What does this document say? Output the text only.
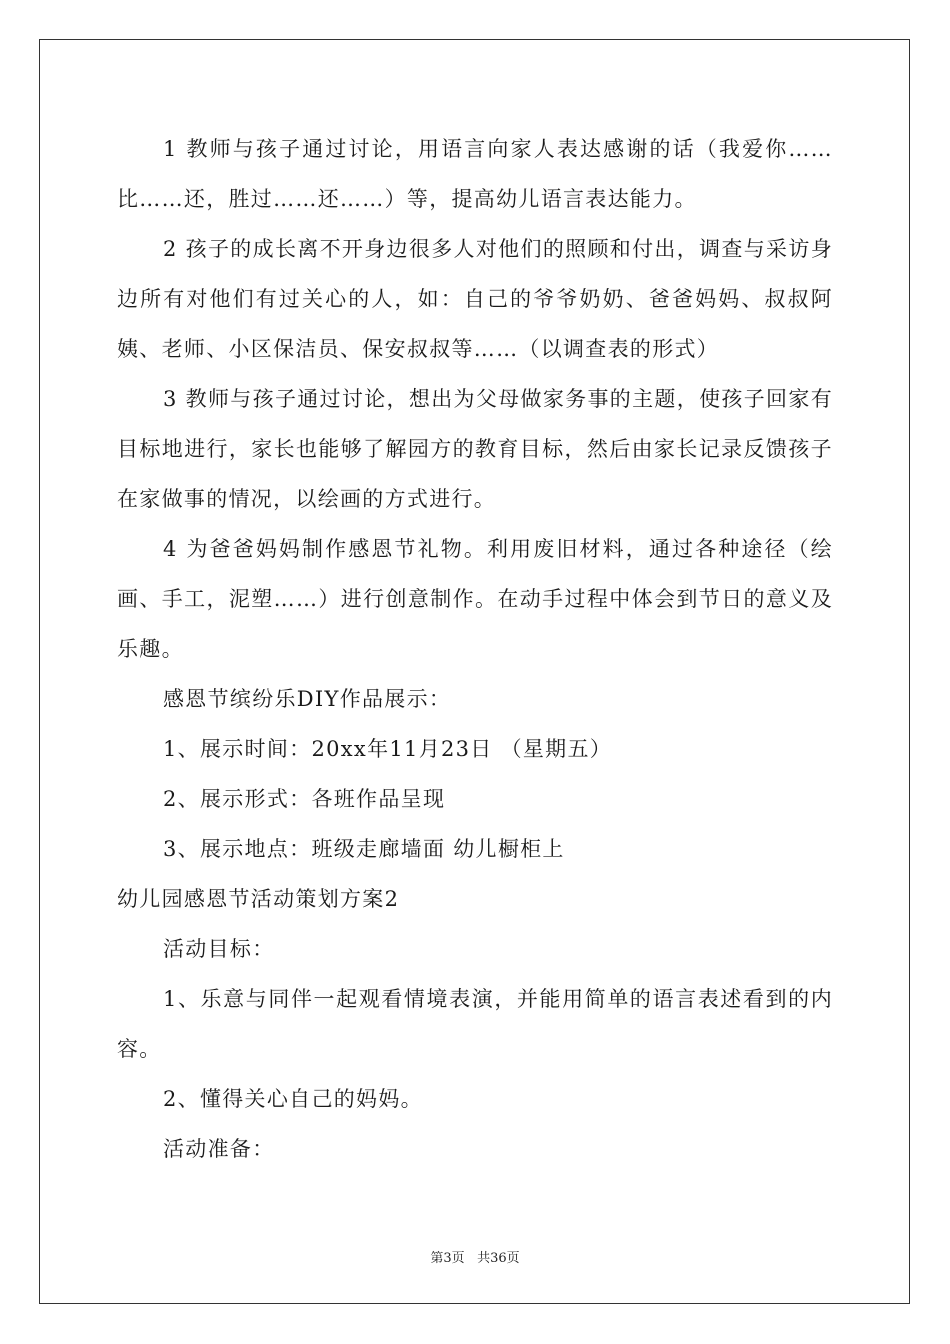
1 教师与孩子通过讨论，用语言向家人表达感谢的话（我爱你……比……还，胜过……还……）等，提高幼儿语言表达能力。

2 孩子的成长离不开身边很多人对他们的照顾和付出，调查与采访身边所有对他们有过关心的人，如：自己的爷爷奶奶、爸爸妈妈、叔叔阿姨、老师、小区保洁员、保安叔叔等……（以调查表的形式）

3 教师与孩子通过讨论，想出为父母做家务事的主题，使孩子回家有目标地进行，家长也能够了解园方的教育目标，然后由家长记录反馈孩子在家做事的情况，以绘画的方式进行。

4 为爸爸妈妈制作感恩节礼物。利用废旧材料，通过各种途径（绘画、手工，泥塑……）进行创意制作。在动手过程中体会到节日的意义及乐趣。

感恩节缤纷乐DIY作品展示：

1、展示时间：20xx年11月23日 （星期五）

2、展示形式：各班作品呈现

3、展示地点：班级走廊墙面 幼儿橱柜上

幼儿园感恩节活动策划方案2

活动目标：

1、乐意与同伴一起观看情境表演，并能用简单的语言表述看到的内容。

2、懂得关心自己的妈妈。

活动准备：

第3页 共36页
